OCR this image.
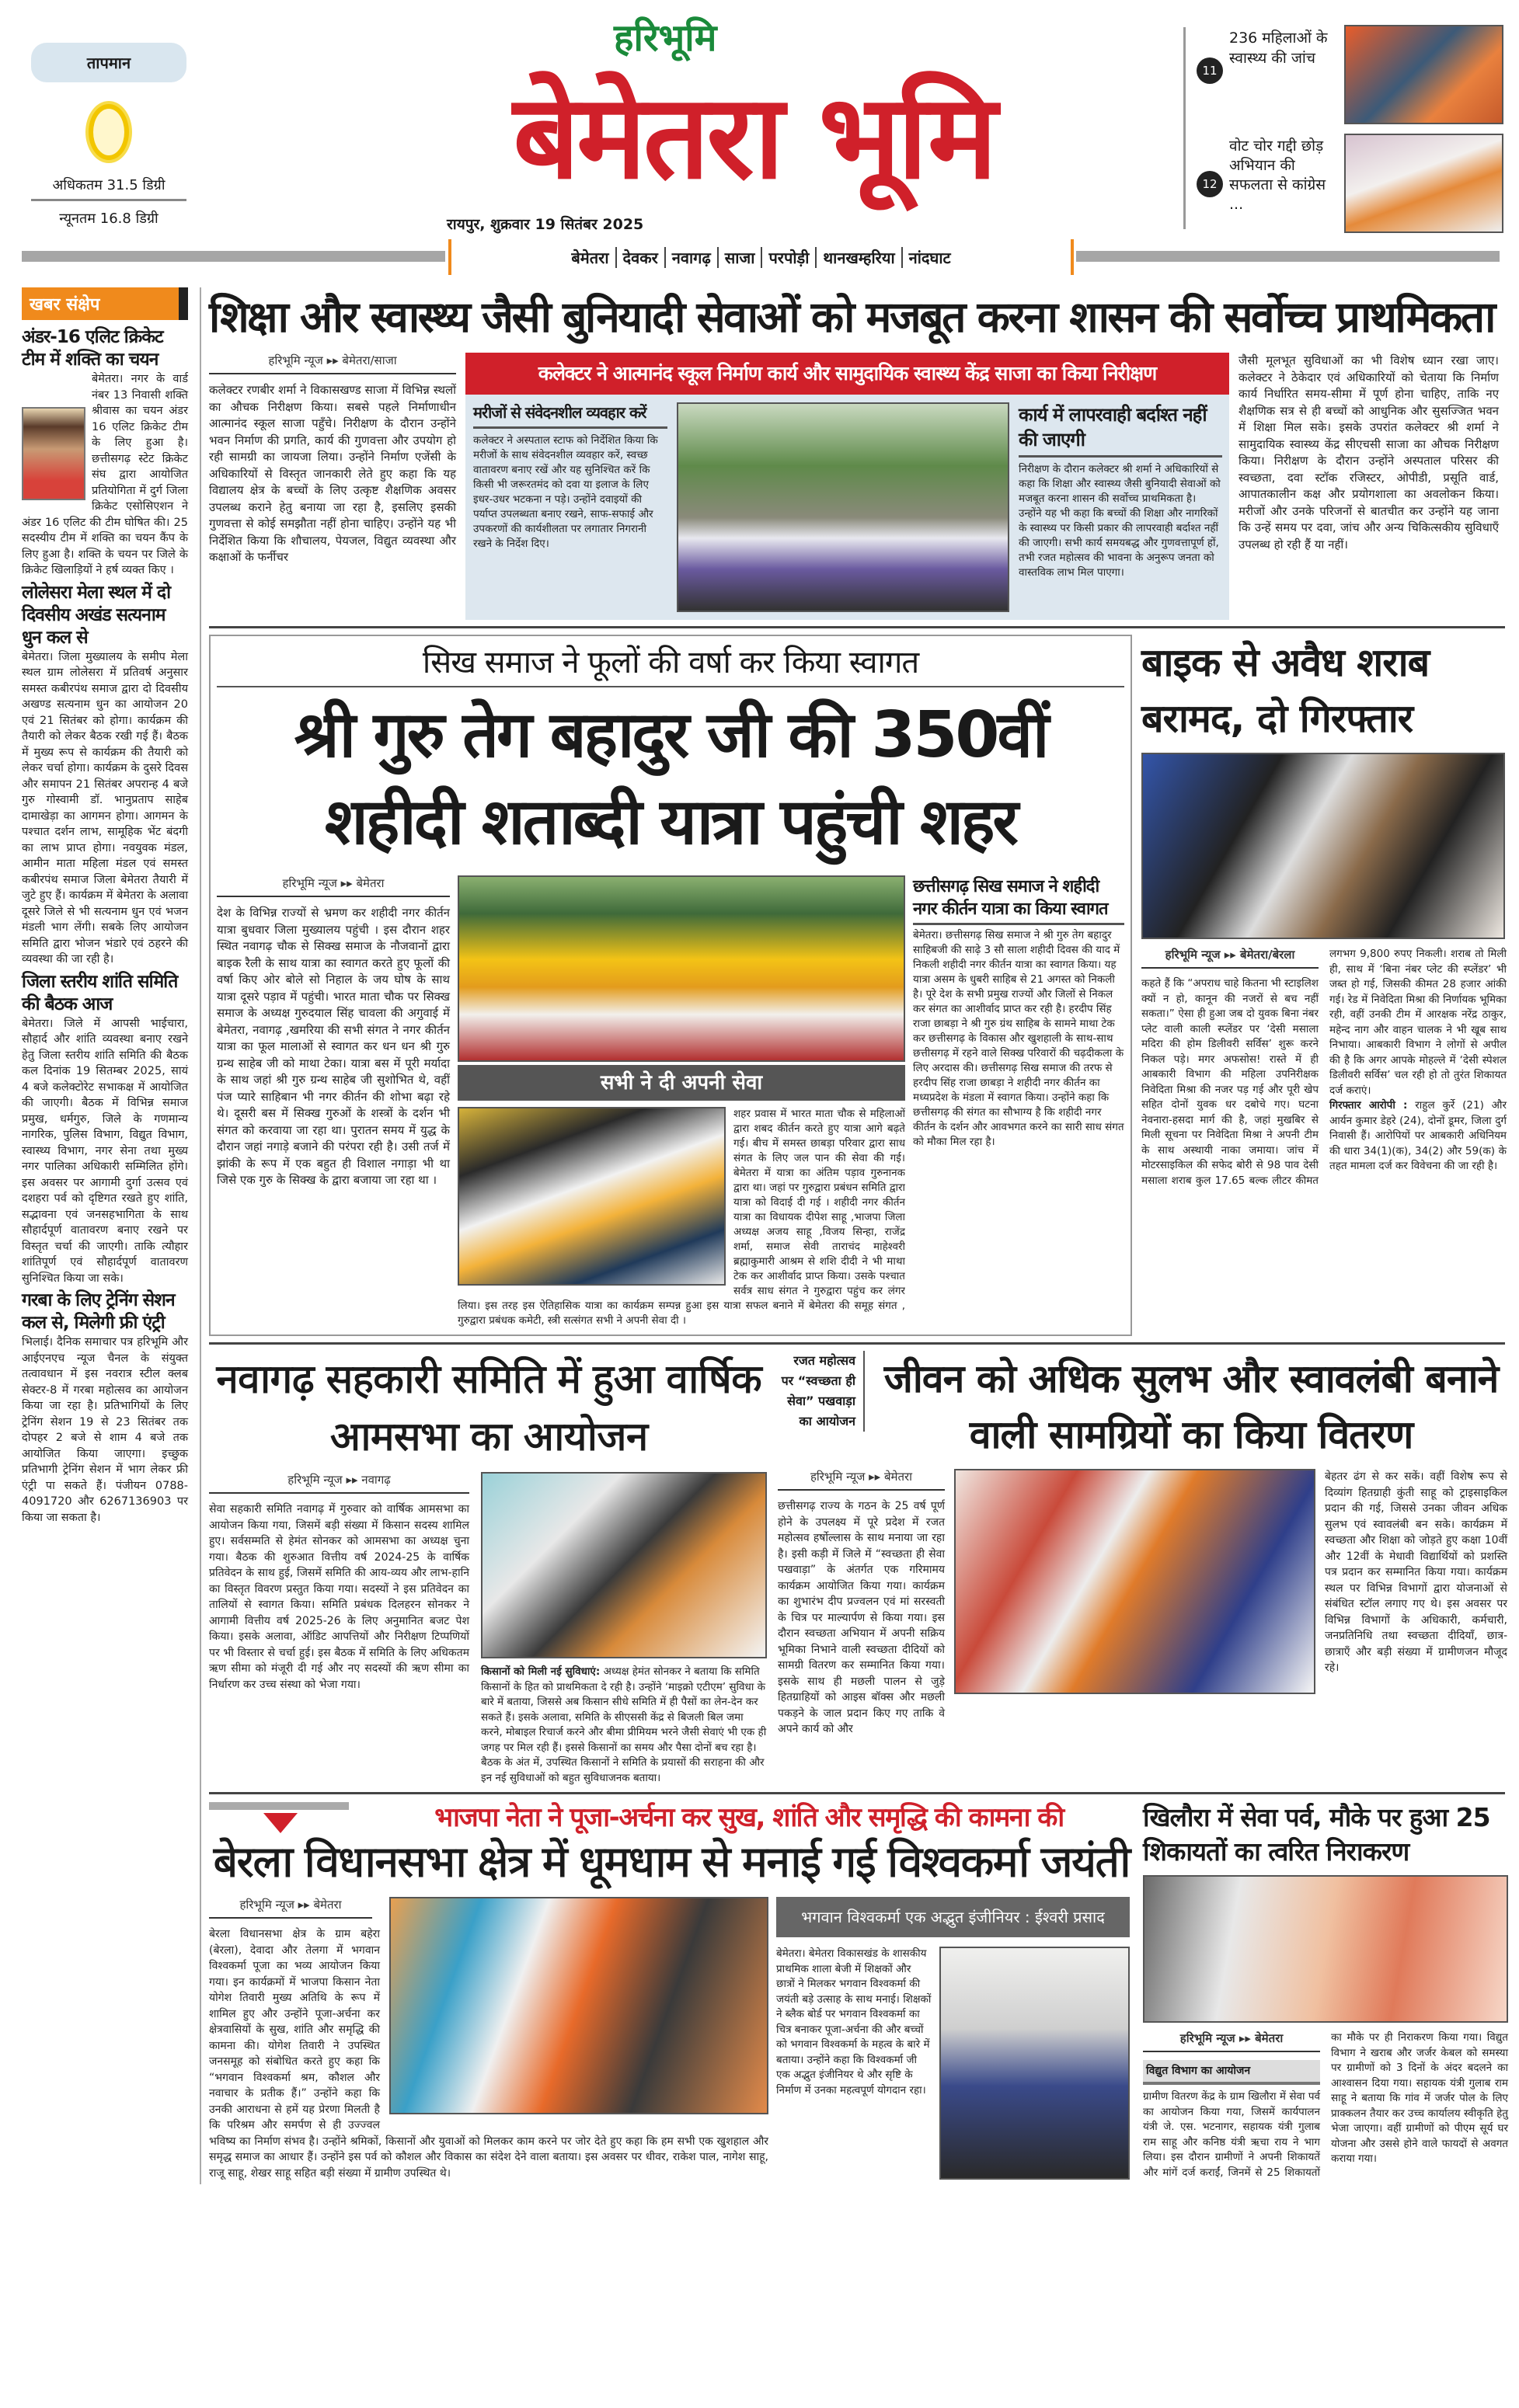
तापमान
अधिकतम 31.5 डिग्री
न्यूनतम 16.8 डिग्री
हरिभूमि
बेमेतरा भूमि
रायपुर, शुक्रवार 19 सितंबर 2025
बेमेतरा देवकर नवागढ़ साजा परपोड़ी थानखम्हरिया नांदघाट
11
236 महिलाओं के स्वास्थ्य की जांच
12
वोट चोर गद्दी छोड़ अभियान की सफलता से कांग्रेस ...
खबर संक्षेप
अंडर-16 एलिट क्रिकेट टीम में शक्ति का चयन
बेमेतरा। नगर के वार्ड नंबर 13 निवासी शक्ति श्रीवास का चयन अंडर 16 एलिट क्रिकेट टीम के लिए हुआ है। छत्तीसगढ़ स्टेट क्रिकेट संघ द्वारा आयोजित प्रतियोगिता में दुर्ग जिला क्रिकेट एसोसिएशन ने अंडर 16 एलिट की टीम घोषित की। 25 सदस्यीय टीम में शक्ति का चयन कैंप के लिए हुआ है। शक्ति के चयन पर जिले के क्रिकेट खिलाड़ियों ने हर्ष व्यक्त किए ।
लोलेसरा मेला स्थल में दो दिवसीय अखंड सत्यनाम धुन कल से
बेमेतरा। जिला मुख्यालय के समीप मेला स्थल ग्राम लोलेसरा में प्रतिवर्ष अनुसार समस्त कबीरपंथ समाज द्वारा दो दिवसीय अखण्ड सत्यनाम धुन का आयोजन 20 एवं 21 सितंबर को होगा। कार्यक्रम की तैयारी को लेकर बैठक रखी गई हैं। बैठक में मुख्य रूप से कार्यक्रम की तैयारी को लेकर चर्चा होगा। कार्यक्रम के दुसरे दिवस और समापन 21 सितंबर अपरान्ह 4 बजे गुरु गोस्वामी डॉ. भानुप्रताप साहेब दामाखेड़ा का आगमन होगा। आगमन के पश्चात दर्शन लाभ, सामूहिक भेंट बंदगी का लाभ प्राप्त होगा। नवयुवक मंडल, आमीन माता महिला मंडल एवं समस्त कबीरपंथ समाज जिला बेमेतरा तैयारी में जुटे हुए हैं। कार्यक्रम में बेमेतरा के अलावा दूसरे जिले से भी सत्यनाम धुन एवं भजन मंडली भाग लेंगी। सबके लिए आयोजन समिति द्वारा भोजन भंडारे एवं ठहरने की व्यवस्था की जा रही है।
जिला स्तरीय शांति समिति की बैठक आज
बेमेतरा। जिले में आपसी भाईचारा, सौहार्द और शांति व्यवस्था बनाए रखने हेतु जिला स्तरीय शांति समिति की बैठक कल दिनांक 19 सितम्बर 2025, सायं 4 बजे कलेक्टोरेट सभाकक्ष में आयोजित की जाएगी। बैठक में विभिन्न समाज प्रमुख, धर्मगुरु, जिले के गणमान्य नागरिक, पुलिस विभाग, विद्युत विभाग, स्वास्थ्य विभाग, नगर सेना तथा मुख्य नगर पालिका अधिकारी सम्मिलित होंगे। इस अवसर पर आगामी दुर्गा उत्सव एवं दशहरा पर्व को दृष्टिगत रखते हुए शांति, सद्भावना एवं जनसहभागिता के साथ सौहार्दपूर्ण वातावरण बनाए रखने पर विस्तृत चर्चा की जाएगी। ताकि त्यौहार शांतिपूर्ण एवं सौहार्दपूर्ण वातावरण सुनिश्चित किया जा सके।
गरबा के लिए ट्रेनिंग सेशन कल से, मिलेगी फ्री एंट्री
भिलाई। दैनिक समाचार पत्र हरिभूमि और आईएनएच न्यूज चैनल के संयुक्त तत्वावधान में इस नवरात्र स्टील क्लब सेक्टर-8 में गरबा महोत्सव का आयोजन किया जा रहा है। प्रतिभागियों के लिए ट्रेनिंग सेशन 19 से 23 सितंबर तक दोपहर 2 बजे से शाम 4 बजे तक आयोजित किया जाएगा। इच्छुक प्रतिभागी ट्रेनिंग सेशन में भाग लेकर फ्री एंट्री पा सकते हैं। पंजीयन 0788-4091720 और 6267136903 पर किया जा सकता है।
शिक्षा और स्वास्थ्य जैसी बुनियादी सेवाओं को मजबूत करना शासन की सर्वोच्च प्राथमिकता
हरिभूमि न्यूज ▸▸ बेमेतरा/साजा
कलेक्टर रणबीर शर्मा ने विकासखण्ड साजा में विभिन्न स्थलों का औचक निरीक्षण किया। सबसे पहले निर्माणाधीन आत्मानंद स्कूल साजा पहुँचे। निरीक्षण के दौरान उन्होंने भवन निर्माण की प्रगति, कार्य की गुणवत्ता और उपयोग हो रही सामग्री का जायजा लिया। उन्होंने निर्माण एजेंसी के अधिकारियों से विस्तृत जानकारी लेते हुए कहा कि यह विद्यालय क्षेत्र के बच्चों के लिए उत्कृष्ट शैक्षणिक अवसर उपलब्ध कराने हेतु बनाया जा रहा है, इसलिए इसकी गुणवत्ता से कोई समझौता नहीं होना चाहिए। उन्होंने यह भी निर्देशित किया कि शौचालय, पेयजल, विद्युत व्यवस्था और कक्षाओं के फर्नीचर
कलेक्टर ने आत्मानंद स्कूल निर्माण कार्य और सामुदायिक स्वास्थ्य केंद्र साजा का किया निरीक्षण
मरीजों से संवेदनशील व्यवहार करें
कलेक्टर ने अस्पताल स्टाफ को निर्देशित किया कि मरीजों के साथ संवेदनशील व्यवहार करें, स्वच्छ वातावरण बनाए रखें और यह सुनिश्चित करें कि किसी भी जरूरतमंद को दवा या इलाज के लिए इधर-उधर भटकना न पड़े। उन्होंने दवाइयों की पर्याप्त उपलब्धता बनाए रखने, साफ-सफाई और उपकरणों की कार्यशीलता पर लगातार निगरानी रखने के निर्देश दिए।
कार्य में लापरवाही बर्दाश्त नहीं की जाएगी
निरीक्षण के दौरान कलेक्टर श्री शर्मा ने अधिकारियों से कहा कि शिक्षा और स्वास्थ्य जैसी बुनियादी सेवाओं को मजबूत करना शासन की सर्वोच्च प्राथमिकता है। उन्होंने यह भी कहा कि बच्चों की शिक्षा और नागरिकों के स्वास्थ्य पर किसी प्रकार की लापरवाही बर्दाश्त नहीं की जाएगी। सभी कार्य समयबद्ध और गुणवत्तापूर्ण हों, तभी रजत महोत्सव की भावना के अनुरूप जनता को वास्तविक लाभ मिल पाएगा।
जैसी मूलभूत सुविधाओं का भी विशेष ध्यान रखा जाए। कलेक्टर ने ठेकेदार एवं अधिकारियों को चेताया कि निर्माण कार्य निर्धारित समय-सीमा में पूर्ण होना चाहिए, ताकि नए शैक्षणिक सत्र से ही बच्चों को आधुनिक और सुसज्जित भवन में शिक्षा मिल सके। इसके उपरांत कलेक्टर श्री शर्मा ने सामुदायिक स्वास्थ्य केंद्र सीएचसी साजा का औचक निरीक्षण किया। निरीक्षण के दौरान उन्होंने अस्पताल परिसर की स्वच्छता, दवा स्टॉक रजिस्टर, ओपीडी, प्रसूति वार्ड, आपातकालीन कक्ष और प्रयोगशाला का अवलोकन किया। मरीजों और उनके परिजनों से बातचीत कर उन्होंने यह जाना कि उन्हें समय पर दवा, जांच और अन्य चिकित्सकीय सुविधाएँ उपलब्ध हो रही हैं या नहीं।
सिख समाज ने फूलों की वर्षा कर किया स्वागत
श्री गुरु तेग बहादुर जी की 350वीं शहीदी शताब्दी यात्रा पहुंची शहर
हरिभूमि न्यूज ▸▸ बेमेतरा
देश के विभिन्न राज्यों से भ्रमण कर शहीदी नगर कीर्तन यात्रा बुधवार जिला मुख्यालय पहुंची । इस दौरान शहर स्थित नवागढ़ चौक से सिक्ख समाज के नौजवानों द्वारा बाइक रैली के साथ यात्रा का स्वागत करते हुए फूलों की वर्षा किए ओर बोले सो निहाल के जय घोष के साथ यात्रा दूसरे पड़ाव में पहुंची। भारत माता चौक पर सिक्ख समाज के अध्यक्ष गुरुदयाल सिंह चावला की अगुवाई में बेमेतरा, नवागढ़ ,खमरिया की सभी संगत ने नगर कीर्तन यात्रा का फूल मालाओं से स्वागत कर धन धन श्री गुरु ग्रन्थ साहेब जी को माथा टेका। यात्रा बस में पूरी मर्यादा के साथ जहां श्री गुरु ग्रन्थ साहेब जी सुशोभित थे, वहीं पंज प्यारे साहिबान भी नगर कीर्तन की शोभा बढ़ा रहे थे। दूसरी बस में सिक्ख गुरुओं के शस्त्रों के दर्शन भी संगत को करवाया जा रहा था। पुरातन समय में युद्ध के दौरान जहां नगाड़े बजाने की परंपरा रही है। उसी तर्ज में झांकी के रूप में एक बहुत ही विशाल नगाड़ा भी था जिसे एक गुरु के सिक्ख के द्वारा बजाया जा रहा था ।
सभी ने दी अपनी सेवा
शहर प्रवास में भारत माता चौक से महिलाओं द्वारा शबद कीर्तन करते हुए यात्रा आगे बढ़ते गई। बीच में समस्त छाबड़ा परिवार द्वारा साध संगत के लिए जल पान की सेवा की गई। बेमेतरा में यात्रा का अंतिम पड़ाव गुरुनानक द्वारा था। जहां पर गुरुद्वारा प्रबंधन समिति द्वारा यात्रा को विदाई दी गई । शहीदी नगर कीर्तन यात्रा का विधायक दीपेश साहू ,भाजपा जिला अध्यक्ष अजय साहू ,विजय सिन्हा, राजेंद्र शर्मा, समाज सेवी ताराचंद माहेश्वरी ब्रह्माकुमारी आश्रम से शशि दीदी ने भी माथा टेक कर आशीर्वाद प्राप्त किया। उसके पश्चात सर्वत्र साध संगत ने गुरुद्वारा पहुंच कर लंगर लिया। इस तरह इस ऐतिहासिक यात्रा का कार्यक्रम सम्पन्न हुआ इस यात्रा सफल बनाने में बेमेतरा की समूह संगत , गुरुद्वारा प्रबंधक कमेटी, स्त्री सत्संगत सभी ने अपनी सेवा दी ।
छत्तीसगढ़ सिख समाज ने शहीदी नगर कीर्तन यात्रा का किया स्वागत
बेमेतरा। छत्तीसगढ़ सिख समाज ने श्री गुरु तेग बहादुर साहिबजी की साढ़े 3 सौ साला शहीदी दिवस की याद में निकली शहीदी नगर कीर्तन यात्रा का स्वागत किया। यह यात्रा असम के धुबरी साहिब से 21 अगस्त को निकली है। पूरे देश के सभी प्रमुख राज्यों और जिलों से निकल कर संगत का आशीर्वाद प्राप्त कर रही है। हरदीप सिंह राजा छाबड़ा ने श्री गुरु ग्रंथ साहिब के सामने माथा टेक कर छत्तीसगढ़ के विकास और खुशहाली के साथ-साथ छत्तीसगढ़ में रहने वाले सिक्ख परिवारों की चढ़दीकला के लिए अरदास की। छत्तीसगढ़ सिख समाज की तरफ से हरदीप सिंह राजा छाबड़ा ने शहीदी नगर कीर्तन का मध्यप्रदेश के मंडला में स्वागत किया। उन्होंने कहा कि छत्तीसगढ़ की संगत का सौभाग्य है कि शहीदी नगर कीर्तन के दर्शन और आवभगत करने का सारी साध संगत को मौका मिल रहा है।
बाइक से अवैध शराब बरामद, दो गिरफ्तार
हरिभूमि न्यूज ▸▸ बेमेतरा/बेरला
कहते हैं कि “अपराध चाहे कितना भी स्टाइलिश क्यों न हो, कानून की नजरों से बच नहीं सकता।” ऐसा ही हुआ जब दो युवक बिना नंबर प्लेट वाली काली स्प्लेंडर पर ‘देसी मसाला मदिरा की होम डिलीवरी सर्विस’ शुरू करने निकल पड़े। मगर अफसोस! रास्ते में ही आबकारी विभाग की महिला उपनिरीक्षक निवेदिता मिश्रा की नजर पड़ गई और पूरी खेप सहित दोनों युवक धर दबोचे गए। घटना नेवनारा-हसदा मार्ग की है, जहां मुखबिर से मिली सूचना पर निवेदिता मिश्रा ने अपनी टीम के साथ अस्थायी नाका जमाया। जांच में मोटरसाइकिल की सफेद बोरी से 98 पाव देसी मसाला शराब कुल 17.65 बल्क लीटर कीमत लगभग 9,800 रुपए निकली। शराब तो मिली ही, साथ में ‘बिना नंबर प्लेट की स्प्लेंडर’ भी जब्त हो गई, जिसकी कीमत 28 हजार आंकी गई। रेड में निवेदिता मिश्रा की निर्णायक भूमिका रही, वहीं उनकी टीम में आरक्षक नरेंद्र ठाकुर, महेन्द नाग और वाहन चालक ने भी खूब साथ निभाया। आबकारी विभाग ने लोगों से अपील की है कि अगर आपके मोहल्ले में ‘देसी स्पेशल डिलीवरी सर्विस’ चल रही हो तो तुरंत शिकायत दर्ज कराएं।
गिरफ्तार आरोपी : राहुल कुर्रे (21) और आर्यन कुमार डेहरे (24), दोनों डूमर, जिला दुर्ग निवासी हैं। आरोपियों पर आबकारी अधिनियम की धारा 34(1)(क), 34(2) और 59(क) के तहत मामला दर्ज कर विवेचना की जा रही है।
नवागढ़ सहकारी समिति में हुआ वार्षिक आमसभा का आयोजन
हरिभूमि न्यूज ▸▸ नवागढ़
सेवा सहकारी समिति नवागढ़ में गुरुवार को वार्षिक आमसभा का आयोजन किया गया, जिसमें बड़ी संख्या में किसान सदस्य शामिल हुए। सर्वसम्मति से हेमंत सोनकर को आमसभा का अध्यक्ष चुना गया। बैठक की शुरुआत वित्तीय वर्ष 2024-25 के वार्षिक प्रतिवेदन के साथ हुई, जिसमें समिति की आय-व्यय और लाभ-हानि का विस्तृत विवरण प्रस्तुत किया गया। सदस्यों ने इस प्रतिवेदन का तालियों से स्वागत किया। समिति प्रबंधक दिलहरन सोनकर ने आगामी वित्तीय वर्ष 2025-26 के लिए अनुमानित बजट पेश किया। इसके अलावा, ऑडिट आपत्तियों और निरीक्षण टिप्पणियों पर भी विस्तार से चर्चा हुई। इस बैठक में समिति के लिए अधिकतम ऋण सीमा को मंजूरी दी गई और नए सदस्यों की ऋण सीमा का निर्धारण कर उच्च संस्था को भेजा गया।
किसानों को मिली नई सुविधाएं: अध्यक्ष हेमंत सोनकर ने बताया कि समिति किसानों के हित को प्राथमिकता दे रही है। उन्होंने ‘माइक्रो एटीएम’ सुविधा के बारे में बताया, जिससे अब किसान सीधे समिति में ही पैसों का लेन-देन कर सकते हैं। इसके अलावा, समिति के सीएससी केंद्र से बिजली बिल जमा करने, मोबाइल रिचार्ज करने और बीमा प्रीमियम भरने जैसी सेवाएं भी एक ही जगह पर मिल रही हैं। इससे किसानों का समय और पैसा दोनों बच रहा है। बैठक के अंत में, उपस्थित किसानों ने समिति के प्रयासों की सराहना की और इन नई सुविधाओं को बहुत सुविधाजनक बताया।
रजत महोत्सव पर “स्वच्छता ही सेवा” पखवाड़ा का आयोजन
जीवन को अधिक सुलभ और स्वावलंबी बनाने वाली सामग्रियों का किया वितरण
हरिभूमि न्यूज ▸▸ बेमेतरा
छत्तीसगढ़ राज्य के गठन के 25 वर्ष पूर्ण होने के उपलक्ष्य में पूरे प्रदेश में रजत महोत्सव हर्षोल्लास के साथ मनाया जा रहा है। इसी कड़ी में जिले में “स्वच्छता ही सेवा पखवाड़ा” के अंतर्गत एक गरिमामय कार्यक्रम आयोजित किया गया। कार्यक्रम का शुभारंभ दीप प्रज्वलन एवं मां सरस्वती के चित्र पर माल्यार्पण से किया गया। इस दौरान स्वच्छता अभियान में अपनी सक्रिय भूमिका निभाने वाली स्वच्छता दीदियों को सामग्री वितरण कर सम्मानित किया गया। इसके साथ ही मछली पालन से जुड़े हितग्राहियों को आइस बॉक्स और मछली पकड़ने के जाल प्रदान किए गए ताकि वे अपने कार्य को और
बेहतर ढंग से कर सकें। वहीं विशेष रूप से दिव्यांग हितग्राही कुंती साहू को ट्राइसाइकिल प्रदान की गई, जिससे उनका जीवन अधिक सुलभ एवं स्वावलंबी बन सके। कार्यक्रम में स्वच्छता और शिक्षा को जोड़ते हुए कक्षा 10वीं और 12वीं के मेधावी विद्यार्थियों को प्रशस्ति पत्र प्रदान कर सम्मानित किया गया। कार्यक्रम स्थल पर विभिन्न विभागों द्वारा योजनाओं से संबंधित स्टॉल लगाए गए थे। इस अवसर पर विभिन्न विभागों के अधिकारी, कर्मचारी, जनप्रतिनिधि तथा स्वच्छता दीदियाँ, छात्र-छात्राएँ और बड़ी संख्या में ग्रामीणजन मौजूद रहे।
भाजपा नेता ने पूजा-अर्चना कर सुख, शांति और समृद्धि की कामना की
बेरला विधानसभा क्षेत्र में धूमधाम से मनाई गई विश्वकर्मा जयंती
हरिभूमि न्यूज ▸▸ बेमेतरा
बेरला विधानसभा क्षेत्र के ग्राम बहेरा (बेरला), देवादा और तेलगा में भगवान विश्वकर्मा पूजा का भव्य आयोजन किया गया। इन कार्यक्रमों में भाजपा किसान नेता योगेश तिवारी मुख्य अतिथि के रूप में शामिल हुए और उन्होंने पूजा-अर्चना कर क्षेत्रवासियों के सुख, शांति और समृद्धि की कामना की। योगेश तिवारी ने उपस्थित जनसमूह को संबोधित करते हुए कहा कि “भगवान विश्वकर्मा श्रम, कौशल और नवाचार के प्रतीक हैं।” उन्होंने कहा कि उनकी आराधना से हमें यह प्रेरणा मिलती है कि परिश्रम और समर्पण से ही उज्ज्वल भविष्य का निर्माण संभव है। उन्होंने श्रमिकों, किसानों और युवाओं को मिलकर काम करने पर जोर देते हुए कहा कि हम सभी एक खुशहाल और समृद्ध समाज का आधार हैं। उन्होंने इस पर्व को कौशल और विकास का संदेश देने वाला बताया। इस अवसर पर धीवर, राकेश पाल, नागेश साहू, राजू साहू, शेखर साहू सहित बड़ी संख्या में ग्रामीण उपस्थित थे।
भगवान विश्वकर्मा एक अद्भुत इंजीनियर : ईश्वरी प्रसाद
बेमेतरा। बेमेतरा विकासखंड के शासकीय प्राथमिक शाला बेजी में शिक्षकों और छात्रों ने मिलकर भगवान विश्वकर्मा की जयंती बड़े उत्साह के साथ मनाई। शिक्षकों ने ब्लैक बोर्ड पर भगवान विश्वकर्मा का चित्र बनाकर पूजा-अर्चना की और बच्चों को भगवान विश्वकर्मा के महत्व के बारे में बताया। उन्होंने कहा कि विश्वकर्मा जी एक अद्भुत इंजीनियर थे और सृष्टि के निर्माण में उनका महत्वपूर्ण योगदान रहा।
खिलौरा में सेवा पर्व, मौके पर हुआ 25 शिकायतों का त्वरित निराकरण
हरिभूमि न्यूज ▸▸ बेमेतरा
विद्युत विभाग का आयोजन
ग्रामीण वितरण केंद्र के ग्राम खिलौरा में सेवा पर्व का आयोजन किया गया, जिसमें कार्यपालन यंत्री जे. एस. भटनागर, सहायक यंत्री गुलाब राम साहू और कनिष्ठ यंत्री ऋचा राय ने भाग लिया। इस दौरान ग्रामीणों ने अपनी शिकायतें और मांगें दर्ज कराईं, जिनमें से 25 शिकायतों का मौके पर ही निराकरण किया गया। विद्युत विभाग ने खराब और जर्जर केबल को समस्या पर ग्रामीणों को 3 दिनों के अंदर बदलने का आश्वासन दिया गया। सहायक यंत्री गुलाब राम साहू ने बताया कि गांव में जर्जर पोल के लिए प्राक्कलन तैयार कर उच्च कार्यालय स्वीकृति हेतु भेजा जाएगा। वहीं ग्रामीणों को पीएम सूर्य घर योजना और उससे होने वाले फायदों से अवगत कराया गया।
